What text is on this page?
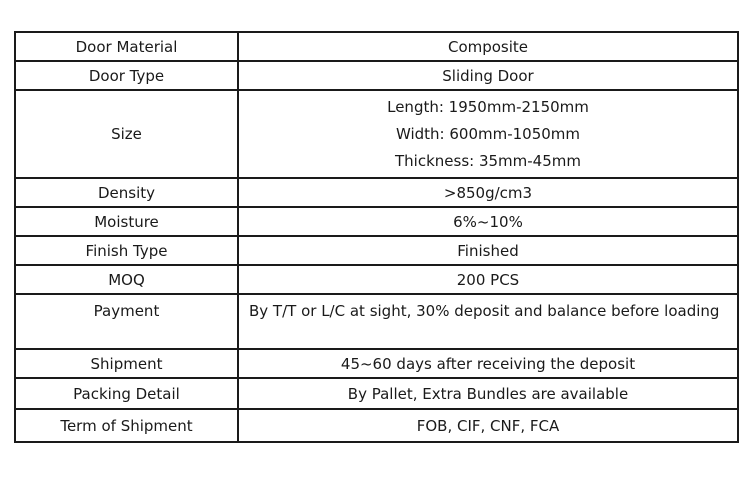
Door Material	Composite
Door Type	Sliding Door
Size	Length: 1950mm-2150mm
Width: 600mm-1050mm
Thickness: 35mm-45mm

Density	>850g/cm3
Moisture	6%~10%
Finish Type	Finished
MOQ	200 PCS
Payment	By T/T or L/C at sight, 30% deposit and balance before loading
Shipment	45~60 days after receiving the deposit
Packing Detail	By Pallet, Extra Bundles are available
Term of Shipment	FOB, CIF, CNF, FCA
